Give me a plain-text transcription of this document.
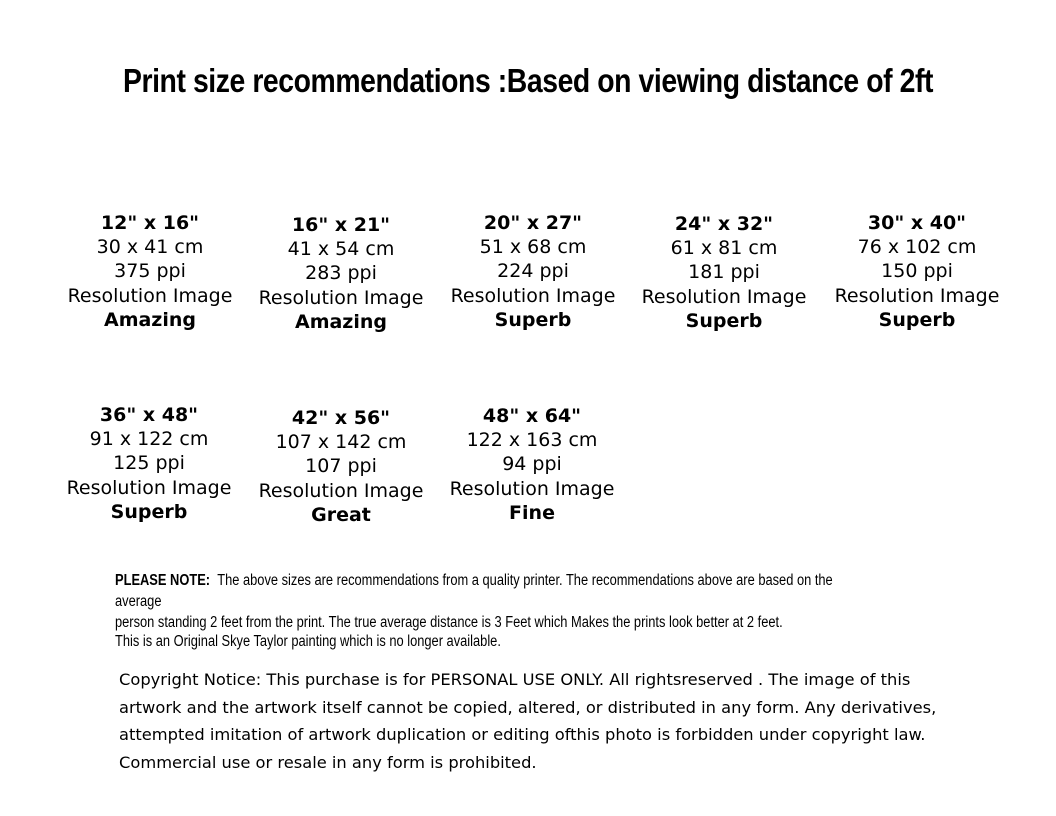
Print size recommendations :Based on viewing distance of 2ft
12" x 16"
30 x 41 cm
375 ppi
Resolution Image
Amazing
16" x 21"
41 x 54 cm
283 ppi
Resolution Image
Amazing
20" x 27"
51 x 68 cm
224 ppi
Resolution Image
Superb
24" x 32"
61 x 81 cm
181 ppi
Resolution Image
Superb
30" x 40"
76 x 102 cm
150 ppi
Resolution Image
Superb
36" x 48"
91 x 122 cm
125 ppi
Resolution Image
Superb
42" x 56"
107 x 142 cm
107 ppi
Resolution Image
Great
48" x 64"
122 x 163 cm
94 ppi
Resolution Image
Fine
PLEASE NOTE: The above sizes are recommendations from a quality printer. The recommendations above are based on the average
person standing 2 feet from the print. The true average distance is 3 Feet which Makes the prints look better at 2 feet.
This is an Original Skye Taylor painting which is no longer available.
Copyright Notice: This purchase is for PERSONAL USE ONLY. All rightsreserved . The image of this
artwork and the artwork itself cannot be copied, altered, or distributed in any form. Any derivatives,
attempted imitation of artwork duplication or editing ofthis photo is forbidden under copyright law.
Commercial use or resale in any form is prohibited.
